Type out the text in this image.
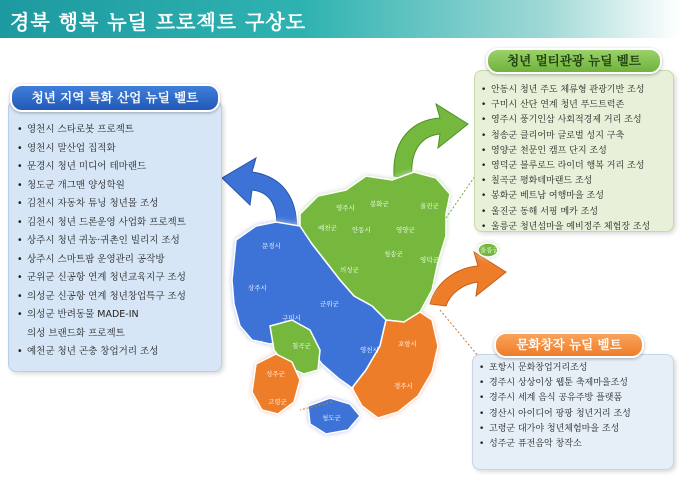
경북 행복 뉴딜 프로젝트 구상도
영주시 봉화군	울진군
예천군 안동시	영양군
청송군
영덕군
문경시
상주시
의성군
군위군
김천시
구미시
칠곡군
성주군
고령군
영천시
경산시
청도군
포항시
경주시
울릉군
• 영천시 스타로봇 프로젝트
• 영천시 말산업 집적화
• 문경시 청년 미디어 테마랜드
• 청도군 개그맨 양성학원
• 김천시 자동차 튜닝 청년몰 조성
• 김천시 청년 드론운영 사업화 프로젝트
• 상주시 청년 귀농·귀촌인 빌리지 조성
• 상주시 스마트팜 운영관리 공작방
• 군위군 신공항 연계 청년교육지구 조성
• 의성군 신공항 연계 청년창업특구 조성
• 의성군 반려동물 MADE-IN
의성 브랜드화 프로젝트
• 예천군 청년 곤충 창업거리 조성
청년 지역 특화 산업 뉴딜 벨트
•	안동시 청년 주도 체류형 관광기반 조성
• 구미시 산단 연계 청년 푸드트럭존
• 영주시 풍기인삼 사회적경제 거리 조성
• 청송군 클리어마 글로벌 성지 구축
• 영양군 천문인 캠프 단지 조성
• 영덕군 블루로드 라이더 행복 거리 조성
• 칠곡군 평화테마랜드 조성
• 봉화군 베트남 여행마을 조성
• 울진군 동해 서핑 메카 조성
• 울릉군 청년섬마을 예비정주 체험장 조성
청년 멀티관광 뉴딜 벨트
• 포항시 문화창업거리조성
• 경주시 상상이상 웹툰 축제마을조성
• 경주시 세계 음식 공유주방 플랫폼
• 경산시 아이디어 팡팡 청년거리 조성
• 고령군 대가야 청년체험마을 조성
• 성주군 퓨전음악 창작소
문화창작 뉴딜 벨트
